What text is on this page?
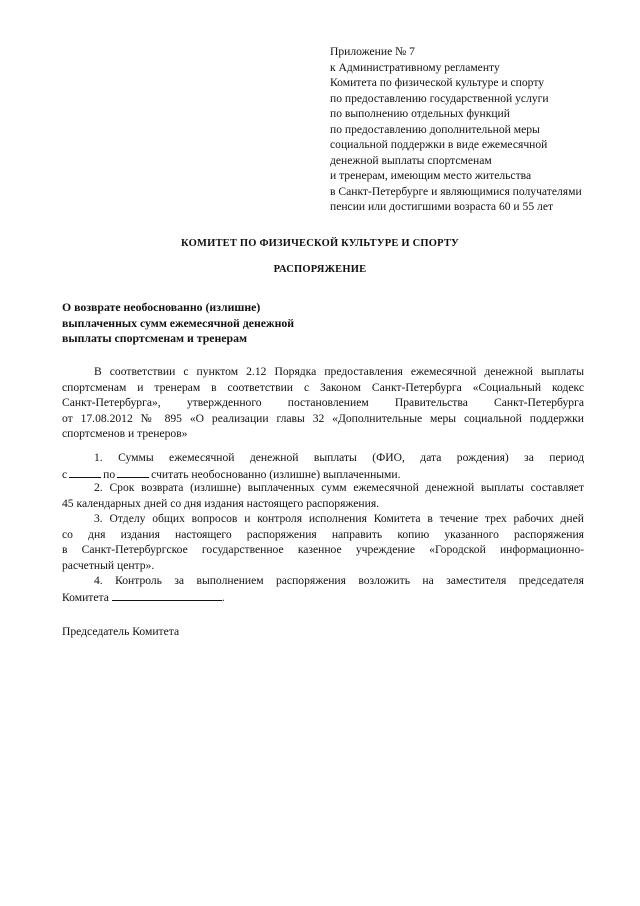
Приложение № 7
к Административному регламенту
Комитета по физической культуре и спорту
по предоставлению государственной услуги
по выполнению отдельных функций
по предоставлению дополнительной меры
социальной поддержки в виде ежемесячной
денежной выплаты спортсменам
и тренерам, имеющим место жительства
в Санкт-Петербурге и являющимися получателями
пенсии или достигшими возраста 60 и 55 лет
КОМИТЕТ ПО ФИЗИЧЕСКОЙ КУЛЬТУРЕ И СПОРТУ
РАСПОРЯЖЕНИЕ
О возврате необоснованно (излишне)
выплаченных сумм ежемесячной денежной
выплаты спортсменам и тренерам
В соответствии с пунктом 2.12 Порядка предоставления ежемесячной денежной выплаты
спортсменам и тренерам в соответствии с Законом Санкт-Петербурга «Социальный кодекс
Санкт-Петербурга», утвержденного постановлением Правительства Санкт-Петербурга
от 17.08.2012 № 895 «О реализации главы 32 «Дополнительные меры социальной поддержки
спортсменов и тренеров»
1. Суммы ежемесячной денежной выплаты (ФИО, дата рождения) за период
с	по	считать необоснованно (излишне) выплаченными.
2. Срок возврата (излишне) выплаченных сумм ежемесячной денежной выплаты составляет
45 календарных дней со дня издания настоящего распоряжения.
3. Отделу общих вопросов и контроля исполнения Комитета в течение трех рабочих дней
со дня издания настоящего распоряжения направить копию указанного распоряжения
в Санкт-Петербургское государственное казенное учреждение «Городской информационно-
расчетный центр».
4. Контроль за выполнением распоряжения возложить на заместителя председателя
Комитета	.
Председатель Комитета
